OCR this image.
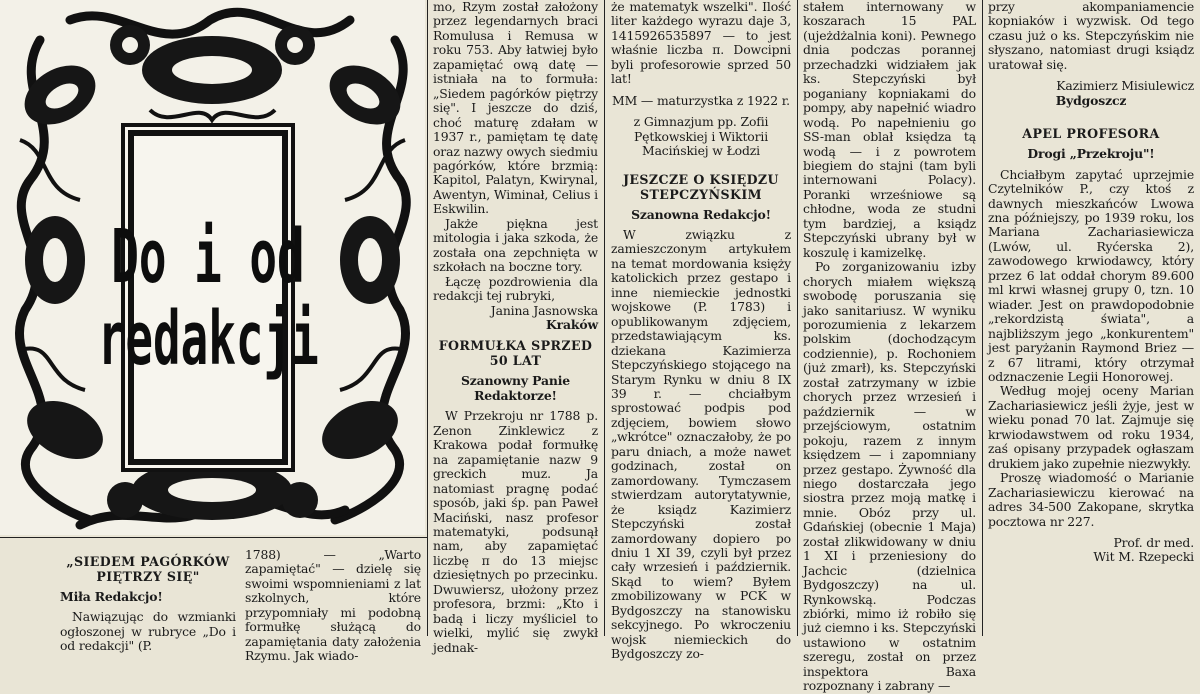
Do i od
redakcji
„SIEDEM PAGÓRKÓW PIĘTRZY SIĘ"

Miła Redakcjo!

Nawiązując do wzmianki ogłoszonej w rubryce „Do i od redakcji" (P.

1788) — „Warto zapamiętać" — dzielę się swoimi wspomnieniami z lat szkolnych, które przypomniały mi podobną formułkę służącą do zapamiętania daty założenia Rzymu. Jak wiado-

mo, Rzym został założony przez legendarnych braci Romulusa i Remusa w roku 753. Aby łatwiej było zapamiętać ową datę — istniała na to formuła: „Siedem pagórków piętrzy się". I jeszcze do dziś, choć maturę zdałam w 1937 r., pamiętam tę datę oraz nazwy owych siedmiu pagórków, które brzmią: Kapitol, Palatyn, Kwirynal, Awentyn, Wiminał, Celius i Eskwilin.

Jakże piękna jest mitologia i jaka szkoda, że została ona zepchnięta w szkołach na boczne tory.

Łączę pozdrowienia dla redakcji tej rubryki,

Janina Jasnowska

Kraków

FORMUŁKA SPRZED 50 LAT

Szanowny Panie Redaktorze!

W Przekroju nr 1788 p. Zenon Zinklewicz z Krakowa podał formułkę na zapamiętanie nazw 9 greckich muz. Ja natomiast pragnę podać sposób, jaki śp. pan Paweł Maciński, nasz profesor matematyki, podsunął nam, aby zapamiętać liczbę π do 13 miejsc dziesiętnych po przecinku. Dwuwiersz, ułożony przez profesora, brzmi: „Kto i badą i liczy myśliciel to wielki, mylić się zwykł jednak-

że matematyk wszelki". Ilość liter każdego wyrazu daje 3, 1415926535897 — to jest właśnie liczba π. Dowcipni byli profesorowie sprzed 50 lat!

MM — maturzystka z 1922 r.

z Gimnazjum pp. Zofii Pętkowskiej i Wiktorii Macińskiej w Łodzi

JESZCZE O KSIĘDZU STEPCZYŃSKIM

Szanowna Redakcjo!

W związku z zamieszczonym artykułem na temat mordowania księży katolickich przez gestapo i inne niemieckie jednostki wojskowe (P. 1783) i opublikowanym zdjęciem, przedstawiającym ks. dziekana Kazimierza Stepczyńskiego stojącego na Starym Rynku w dniu 8 IX 39 r. — chciałbym sprostować podpis pod zdjęciem, bowiem słowo „wkrótce" oznaczałoby, że po paru dniach, a może nawet godzinach, został on zamordowany. Tymczasem stwierdzam autorytatywnie, że ksiądz Kazimierz Stepczyński został zamordowany dopiero po dniu 1 XI 39, czyli był przez cały wrzesień i październik. Skąd to wiem? Byłem zmobilizowany w PCK w Bydgoszczy na stanowisku sekcyjnego. Po wkroczeniu wojsk niemieckich do Bydgoszczy zo-

stałem internowany w koszarach 15 PAL (ujeżdżalnia koni). Pewnego dnia podczas porannej przechadzki widziałem jak ks. Stepczyński był poganiany kopniakami do pompy, aby napełnić wiadro wodą. Po napełnieniu go SS-man oblał księdza tą wodą — i z powrotem biegiem do stajni (tam byli internowani Polacy). Poranki wrześniowe są chłodne, woda ze studni tym bardziej, a ksiądz Stepczyński ubrany był w koszulę i kamizelkę.

Po zorganizowaniu izby chorych miałem większą swobodę poruszania się jako sanitariusz. W wyniku porozumienia z lekarzem polskim (dochodzącym codziennie), p. Rochoniem (już zmarł), ks. Stepczyński został zatrzymany w izbie chorych przez wrzesień i październik — w przejściowym, ostatnim pokoju, razem z innym księdzem — i zapomniany przez gestapo. Żywność dla niego dostarczała jego siostra przez moją matkę i mnie. Obóz przy ul. Gdańskiej (obecnie 1 Maja) został zlikwidowany w dniu 1 XI i przeniesiony do Jachcic (dzielnica Bydgoszczy) na ul. Rynkowską. Podczas zbiórki, mimo iż robiło się już ciemno i ks. Stepczyński ustawiono w ostatnim szeregu, został on przez inspektora Baxa rozpoznany i zabrany —

przy akompaniamencie kopniaków i wyzwisk. Od tego czasu już o ks. Stepczyńskim nie słyszano, natomiast drugi ksiądz uratował się.

Kazimierz Misiulewicz

Bydgoszcz

APEL PROFESORA

Drogi „Przekroju"!

Chciałbym zapytać uprzejmie Czytelników P., czy ktoś z dawnych mieszkańców Lwowa zna późniejszy, po 1939 roku, los Mariana Zachariasiewicza (Lwów, ul. Ryćerska 2), zawodowego krwiodawcy, który przez 6 lat oddał chorym 89.600 ml krwi własnej grupy 0, tzn. 10 wiader. Jest on prawdopodobnie „rekordzistą świata", a najbliższym jego „konkurentem" jest paryżanin Raymond Briez — z 67 litrami, który otrzymał odznaczenie Legii Honorowej.

Według mojej oceny Marian Zachariasiewicz jeśli żyje, jest w wieku ponad 70 lat. Zajmuje się krwiodawstwem od roku 1934, zaś opisany przypadek ogłaszam drukiem jako zupełnie niezwykły.

Proszę wiadomość o Marianie Zachariasiewiczu kierować na adres 34-500 Zakopane, skrytka pocztowa nr 227.

Prof. dr med.

Wit M. Rzepecki
